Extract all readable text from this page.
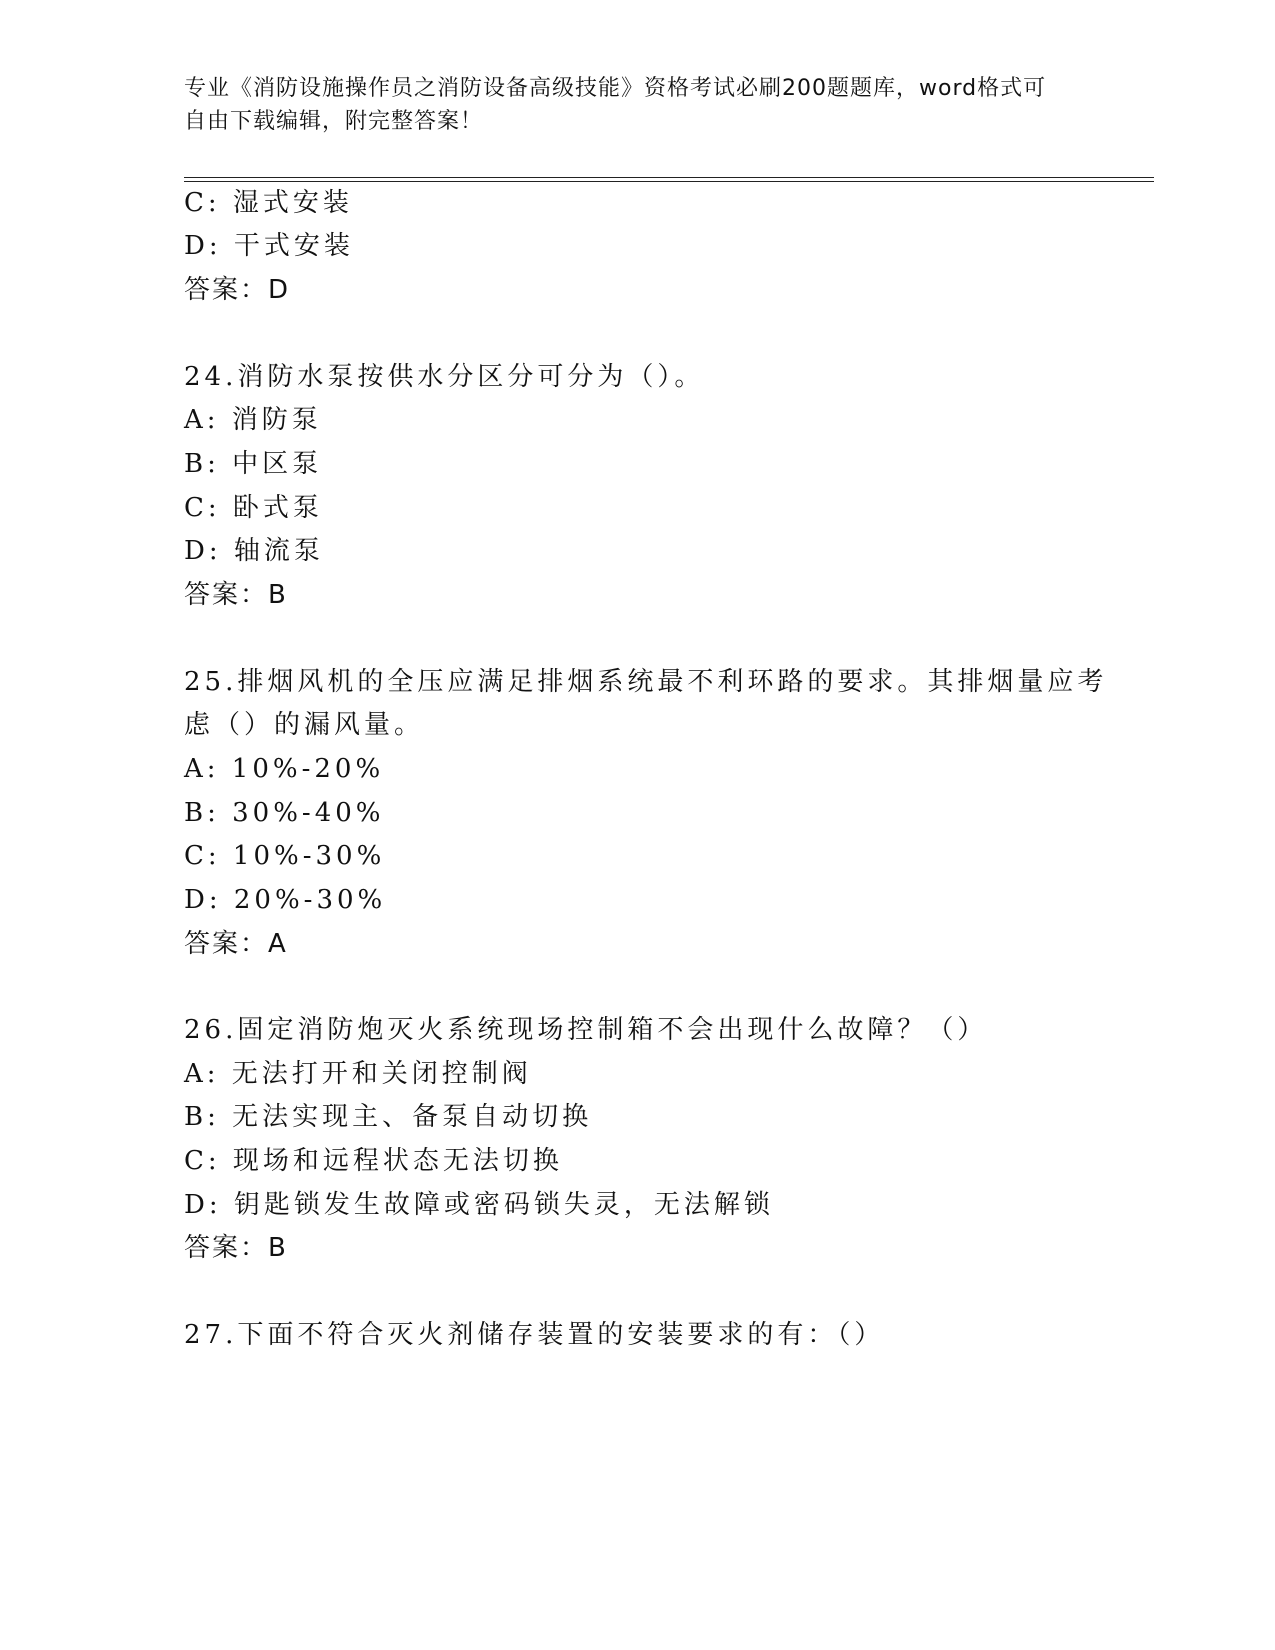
专业《消防设施操作员之消防设备高级技能》资格考试必刷200题题库，word格式可自由下载编辑，附完整答案！
C: 湿式安装
D: 干式安装
答案：D
24.消防水泵按供水分区分可分为（）。
A: 消防泵
B: 中区泵
C: 卧式泵
D: 轴流泵
答案：B
25.排烟风机的全压应满足排烟系统最不利环路的要求。其排烟量应考
虑（）的漏风量。
A: 10%-20%
B: 30%-40%
C: 10%-30%
D: 20%-30%
答案：A
26.固定消防炮灭火系统现场控制箱不会出现什么故障？（）
A: 无法打开和关闭控制阀
B: 无法实现主、备泵自动切换
C: 现场和远程状态无法切换
D: 钥匙锁发生故障或密码锁失灵，无法解锁
答案：B
27.下面不符合灭火剂储存装置的安装要求的有：（）
